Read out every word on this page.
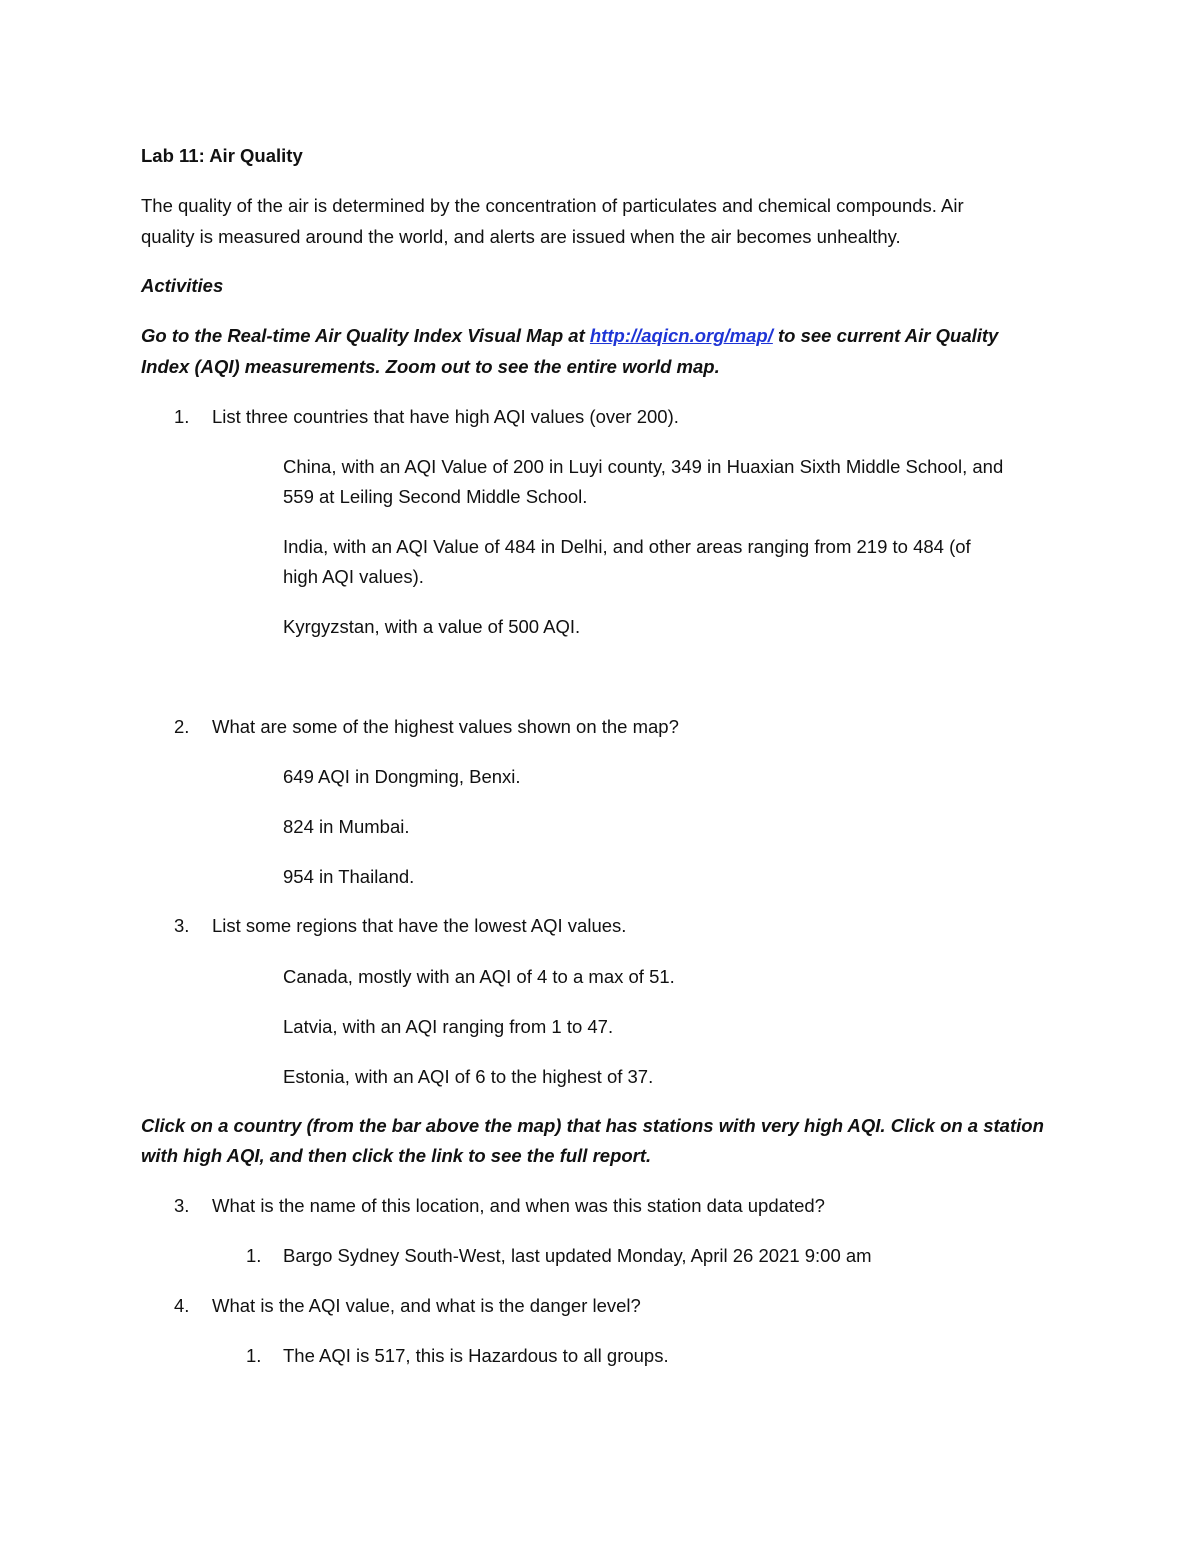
Lab 11: Air Quality
The quality of the air is determined by the concentration of particulates and chemical compounds. Air
quality is measured around the world, and alerts are issued when the air becomes unhealthy.
Activities
Go to the Real-time Air Quality Index Visual Map at http://aqicn.org/map/ to see current Air Quality
Index (AQI) measurements. Zoom out to see the entire world map.
1. List three countries that have high AQI values (over 200).
China, with an AQI Value of 200 in Luyi county, 349 in Huaxian Sixth Middle School, and
559 at Leiling Second Middle School.
India, with an AQI Value of 484 in Delhi, and other areas ranging from 219 to 484 (of
high AQI values).
Kyrgyzstan, with a value of 500 AQI.
2. What are some of the highest values shown on the map?
649 AQI in Dongming, Benxi.
824 in Mumbai.
954 in Thailand.
3. List some regions that have the lowest AQI values.
Canada, mostly with an AQI of 4 to a max of 51.
Latvia, with an AQI ranging from 1 to 47.
Estonia, with an AQI of 6 to the highest of 37.
Click on a country (from the bar above the map) that has stations with very high AQI. Click on a station
with high AQI, and then click the link to see the full report.
3. What is the name of this location, and when was this station data updated?
1. Bargo Sydney South-West, last updated Monday, April 26 2021 9:00 am
4. What is the AQI value, and what is the danger level?
1. The AQI is 517, this is Hazardous to all groups.
